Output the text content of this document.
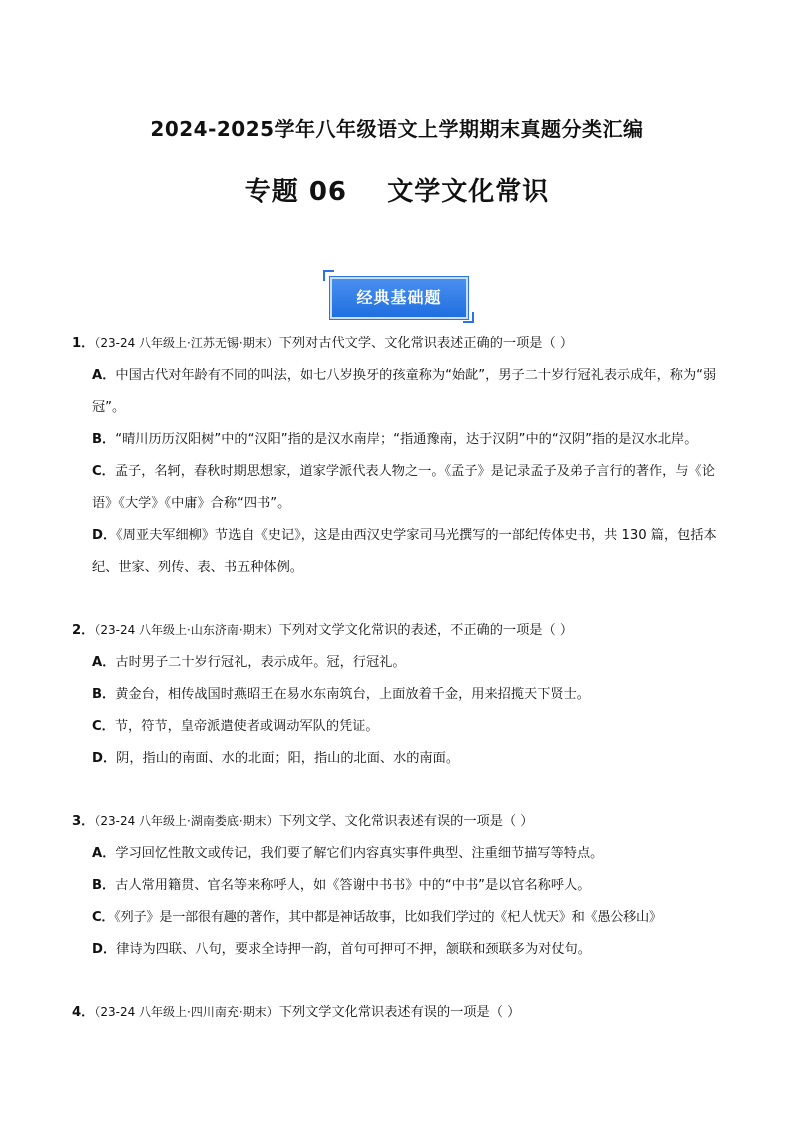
2024-2025学年八年级语文上学期期末真题分类汇编
专题 06    文学文化常识
经典基础题
1．（23-24 八年级上·江苏无锡·期末）下列对古代文学、文化常识表述正确的一项是（ ）
A．中国古代对年龄有不同的叫法，如七八岁换牙的孩童称为“始龀”，男子二十岁行冠礼表示成年，称为“弱冠”。
B．“晴川历历汉阳树”中的“汉阳”指的是汉水南岸；“指通豫南，达于汉阴”中的“汉阴”指的是汉水北岸。
C．孟子，名轲，春秋时期思想家，道家学派代表人物之一。《孟子》是记录孟子及弟子言行的著作，与《论语》《大学》《中庸》合称“四书”。
D．《周亚夫军细柳》节选自《史记》，这是由西汉史学家司马光撰写的一部纪传体史书，共 130 篇，包括本纪、世家、列传、表、书五种体例。
2．（23-24 八年级上·山东济南·期末）下列对文学文化常识的表述，不正确的一项是（ ）
A．古时男子二十岁行冠礼，表示成年。冠，行冠礼。
B．黄金台，相传战国时燕昭王在易水东南筑台，上面放着千金，用来招揽天下贤士。
C．节，符节，皇帝派遣使者或调动军队的凭证。
D．阴，指山的南面、水的北面；阳，指山的北面、水的南面。
3．（23-24 八年级上·湖南娄底·期末）下列文学、文化常识表述有误的一项是（ ）
A．学习回忆性散文或传记，我们要了解它们内容真实事件典型、注重细节描写等特点。
B．古人常用籍贯、官名等来称呼人，如《答谢中书书》中的“中书”是以官名称呼人。
C．《列子》是一部很有趣的著作，其中都是神话故事，比如我们学过的《杞人忧天》和《愚公移山》
D．律诗为四联、八句，要求全诗押一韵，首句可押可不押，颔联和颈联多为对仗句。
4．（23-24 八年级上·四川南充·期末）下列文学文化常识表述有误的一项是（ ）
